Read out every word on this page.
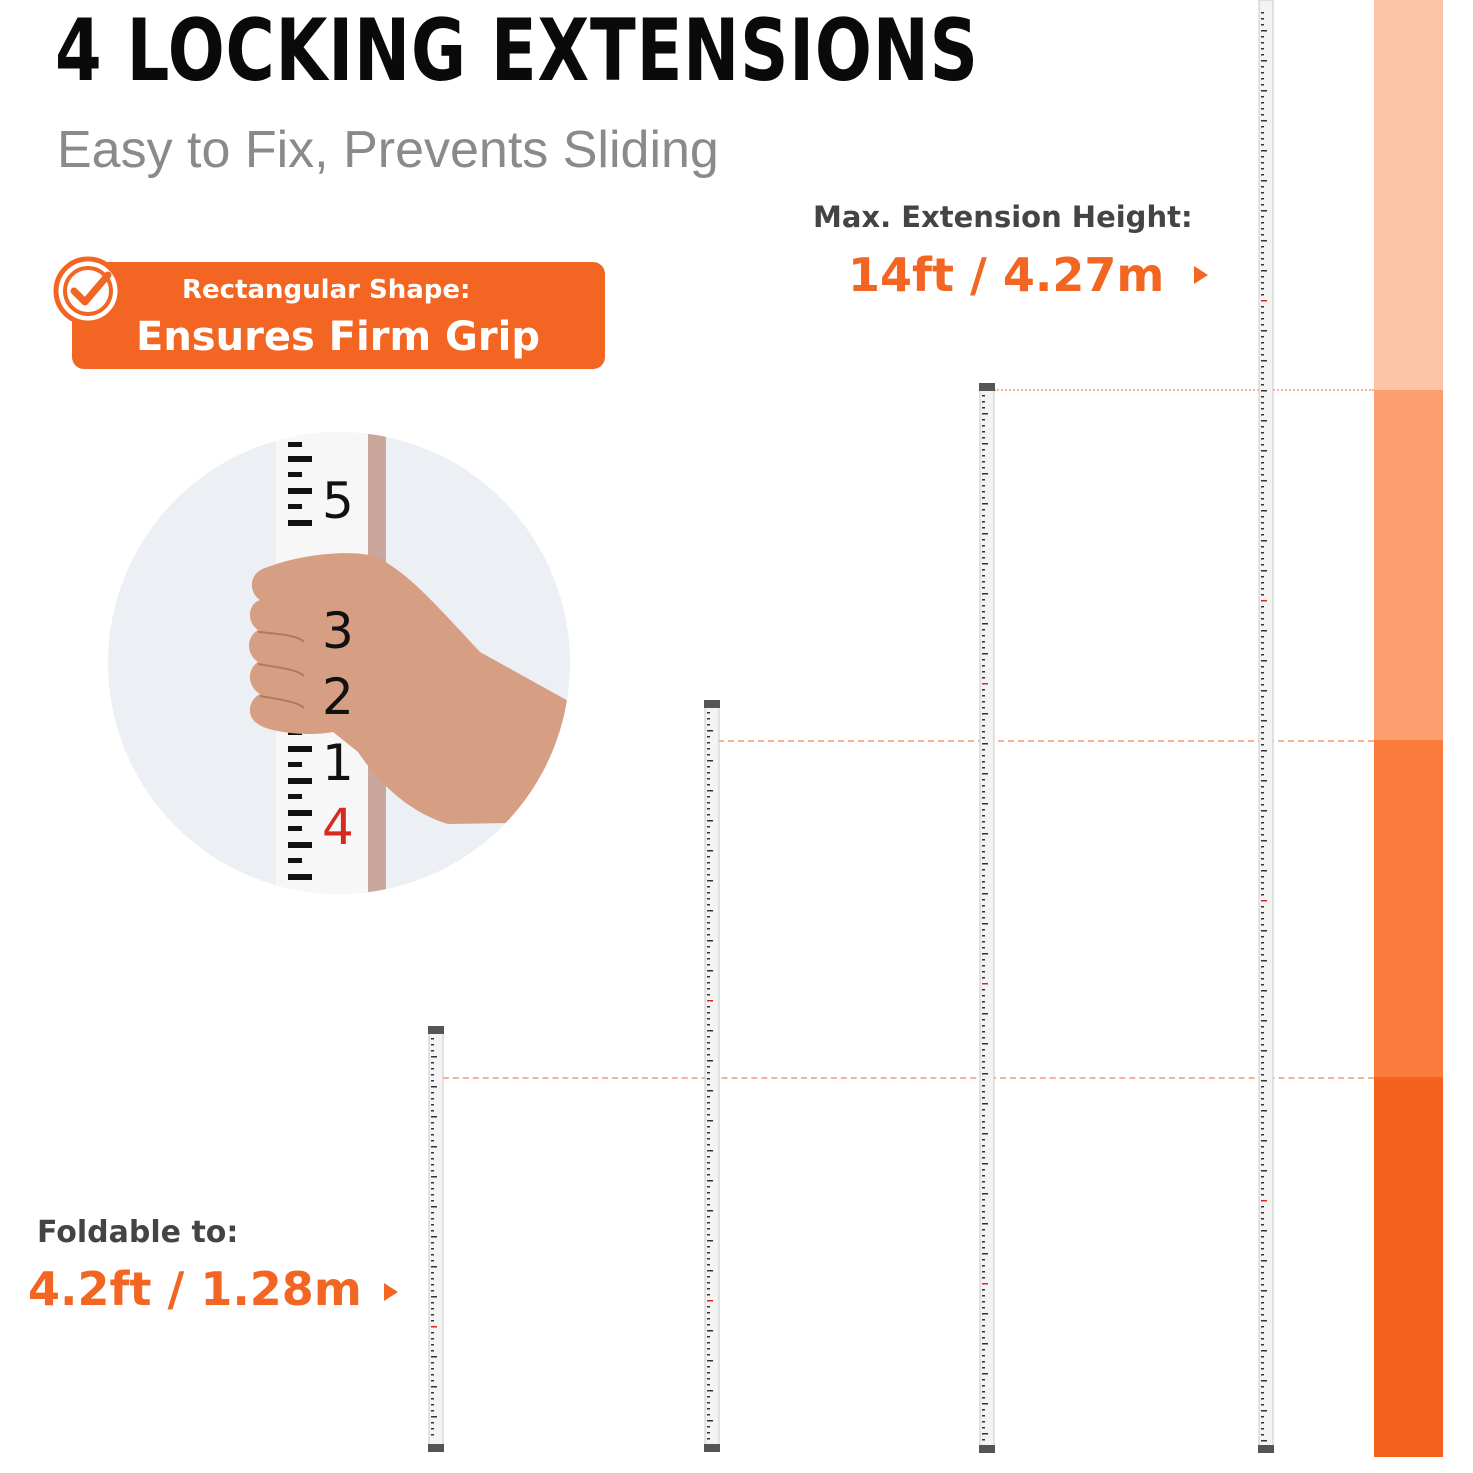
4 LOCKING EXTENSIONS
Easy to Fix, Prevents Sliding
Rectangular Shape:
Ensures Firm Grip
Max. Extension Height:
14ft / 4.27m
Foldable to:
4.2ft / 1.28m
5
3
2
1
4
